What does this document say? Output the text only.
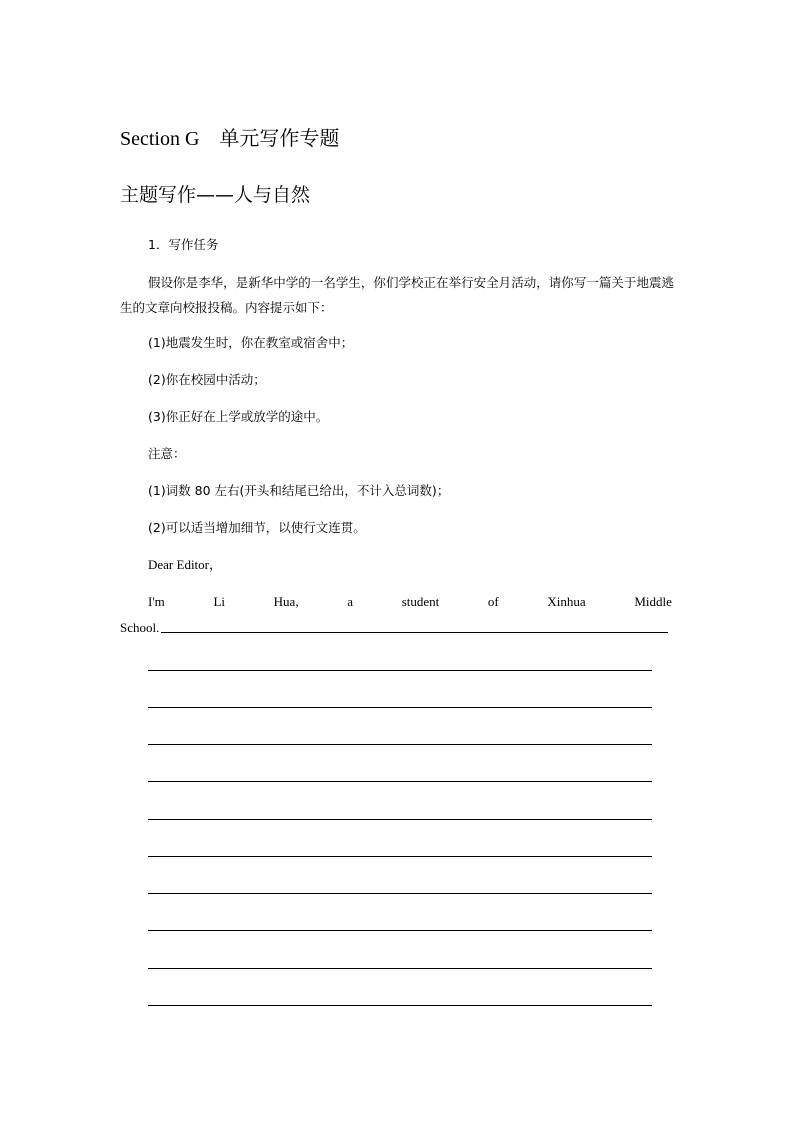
Section G　单元写作专题
主题写作——人与自然
1．写作任务
假设你是李华，是新华中学的一名学生，你们学校正在举行安全月活动，请你写一篇关于地震逃生的文章向校报投稿。内容提示如下：
(1)地震发生时，你在教室或宿舍中；
(2)你在校园中活动；
(3)你正好在上学或放学的途中。
注意：
(1)词数 80 左右(开头和结尾已给出，不计入总词数)；
(2)可以适当增加细节，以使行文连贯。
Dear Editor，
I'm	Li	Hua,	a	student	of	Xinhua	Middle
School.
